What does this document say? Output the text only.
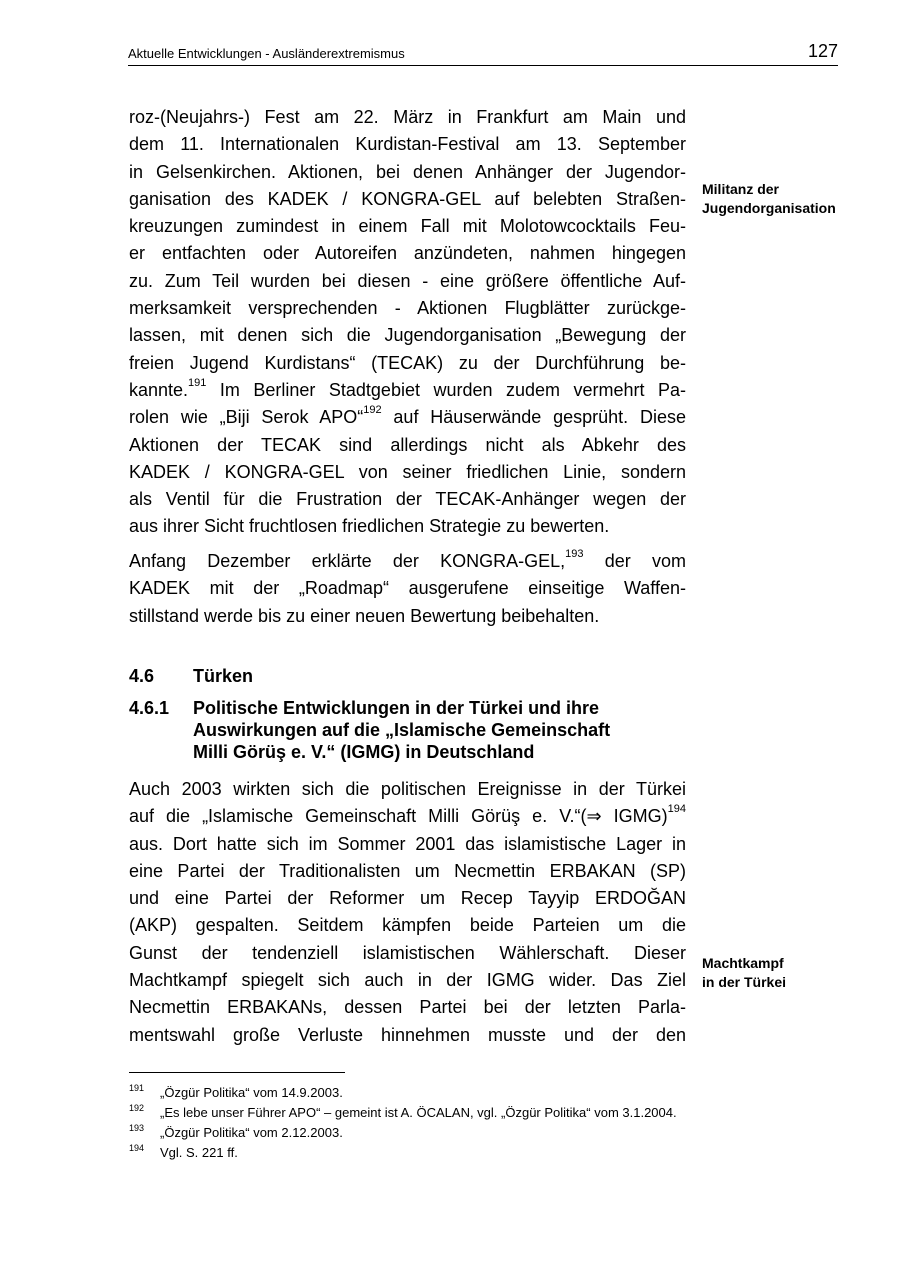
Aktuelle Entwicklungen - Ausländerextremismus	127
roz-(Neujahrs-) Fest am 22. März in Frankfurt am Main und
dem 11. Internationalen Kurdistan-Festival am 13. September
in Gelsenkirchen. Aktionen, bei denen Anhänger der Jugendor-
ganisation des KADEK / KONGRA-GEL auf belebten Straßen-
kreuzungen zumindest in einem Fall mit Molotowcocktails Feu-
er entfachten oder Autoreifen anzündeten, nahmen hingegen
zu. Zum Teil wurden bei diesen - eine größere öffentliche Auf-
merksamkeit versprechenden - Aktionen Flugblätter zurückge-
lassen, mit denen sich die Jugendorganisation „Bewegung der
freien Jugend Kurdistans“ (TECAK) zu der Durchführung be-
kannte.$^{191}$ Im Berliner Stadtgebiet wurden zudem vermehrt Pa-
rolen wie „Biji Serok APO“$^{192}$ auf Häuserwände gesprüht. Diese
Aktionen der TECAK sind allerdings nicht als Abkehr des
KADEK / KONGRA-GEL von seiner friedlichen Linie, sondern
als Ventil für die Frustration der TECAK-Anhänger wegen der
aus ihrer Sicht fruchtlosen friedlichen Strategie zu bewerten.
Anfang Dezember erklärte der KONGRA-GEL,$^{193}$ der vom
KADEK mit der „Roadmap“ ausgerufene einseitige Waffen-
stillstand werde bis zu einer neuen Bewertung beibehalten.
4.6 Türken
4.6.1 Politische Entwicklungen in der Türkei und ihre
Auswirkungen auf die „Islamische Gemeinschaft
Milli Görüş e. V.“ (IGMG) in Deutschland
Auch 2003 wirkten sich die politischen Ereignisse in der Türkei
auf die „Islamische Gemeinschaft Milli Görüş e. V.“(⇒ IGMG)$^{194}$
aus. Dort hatte sich im Sommer 2001 das islamistische Lager in
eine Partei der Traditionalisten um Necmettin ERBAKAN (SP)
und eine Partei der Reformer um Recep Tayyip ERDOĞAN
(AKP) gespalten. Seitdem kämpfen beide Parteien um die
Gunst der tendenziell islamistischen Wählerschaft. Dieser
Machtkampf spiegelt sich auch in der IGMG wider. Das Ziel
Necmettin ERBAKANs, dessen Partei bei der letzten Parla-
mentswahl große Verluste hinnehmen musste und der den
Militanz der
Jugendorganisation
Machtkampf
in der Türkei
191 „Özgür Politika“ vom 14.9.2003.
192 „Es lebe unser Führer APO“ – gemeint ist A. ÖCALAN, vgl. „Özgür Politika“ vom 3.1.2004.
193 „Özgür Politika“ vom 2.12.2003.
194 Vgl. S. 221 ff.
